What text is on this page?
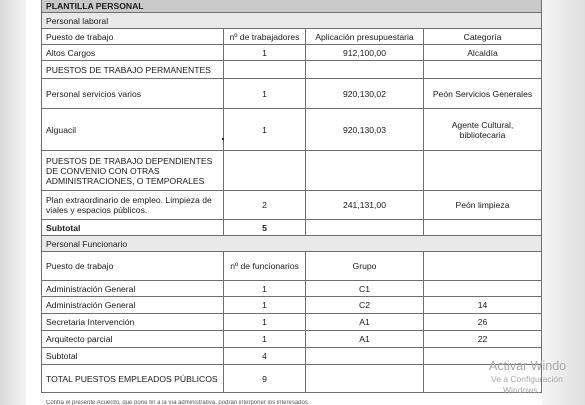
PLANTILLA PERSONAL			
Personal laboral			
Puesto de trabajo	nº de trabajadores	Aplicación presupuestaria	Categoría
Altos Cargos	1	912,100,00	Alcaldía
PUESTOS DE TRABAJO PERMANENTES			
Personal servicios varios	1	920,130,02	Peón Servicios Generales
Alguacil	1	920,130,03	Agente Cultural, bibliotecaria
PUESTOS DE TRABAJO DEPENDIENTES DE CONVENIO CON OTRAS ADMINISTRACIONES, O TEMPORALES			
Plan extraordinario de empleo. Limpieza de viales y espacios públicos.	2	241,131,00	Peón limpieza
Subtotal	5		
Personal Funcionario			
Puesto de trabajo	nº de funcionarios	Grupo	
Administración General	1	C1	
Administración General	1	C2	14
Secretaria Intervención	1	A1	26
Arquitecto parcial	1	A1	22
Subtotal	4		
TOTAL PUESTOS EMPLEADOS PÚBLICOS	9		
Contra el presente Acuerdo, que pone fin a la vía administrativa, podrán interponer los interesados
Activar Windo
Ve a Configuración
Windows.
